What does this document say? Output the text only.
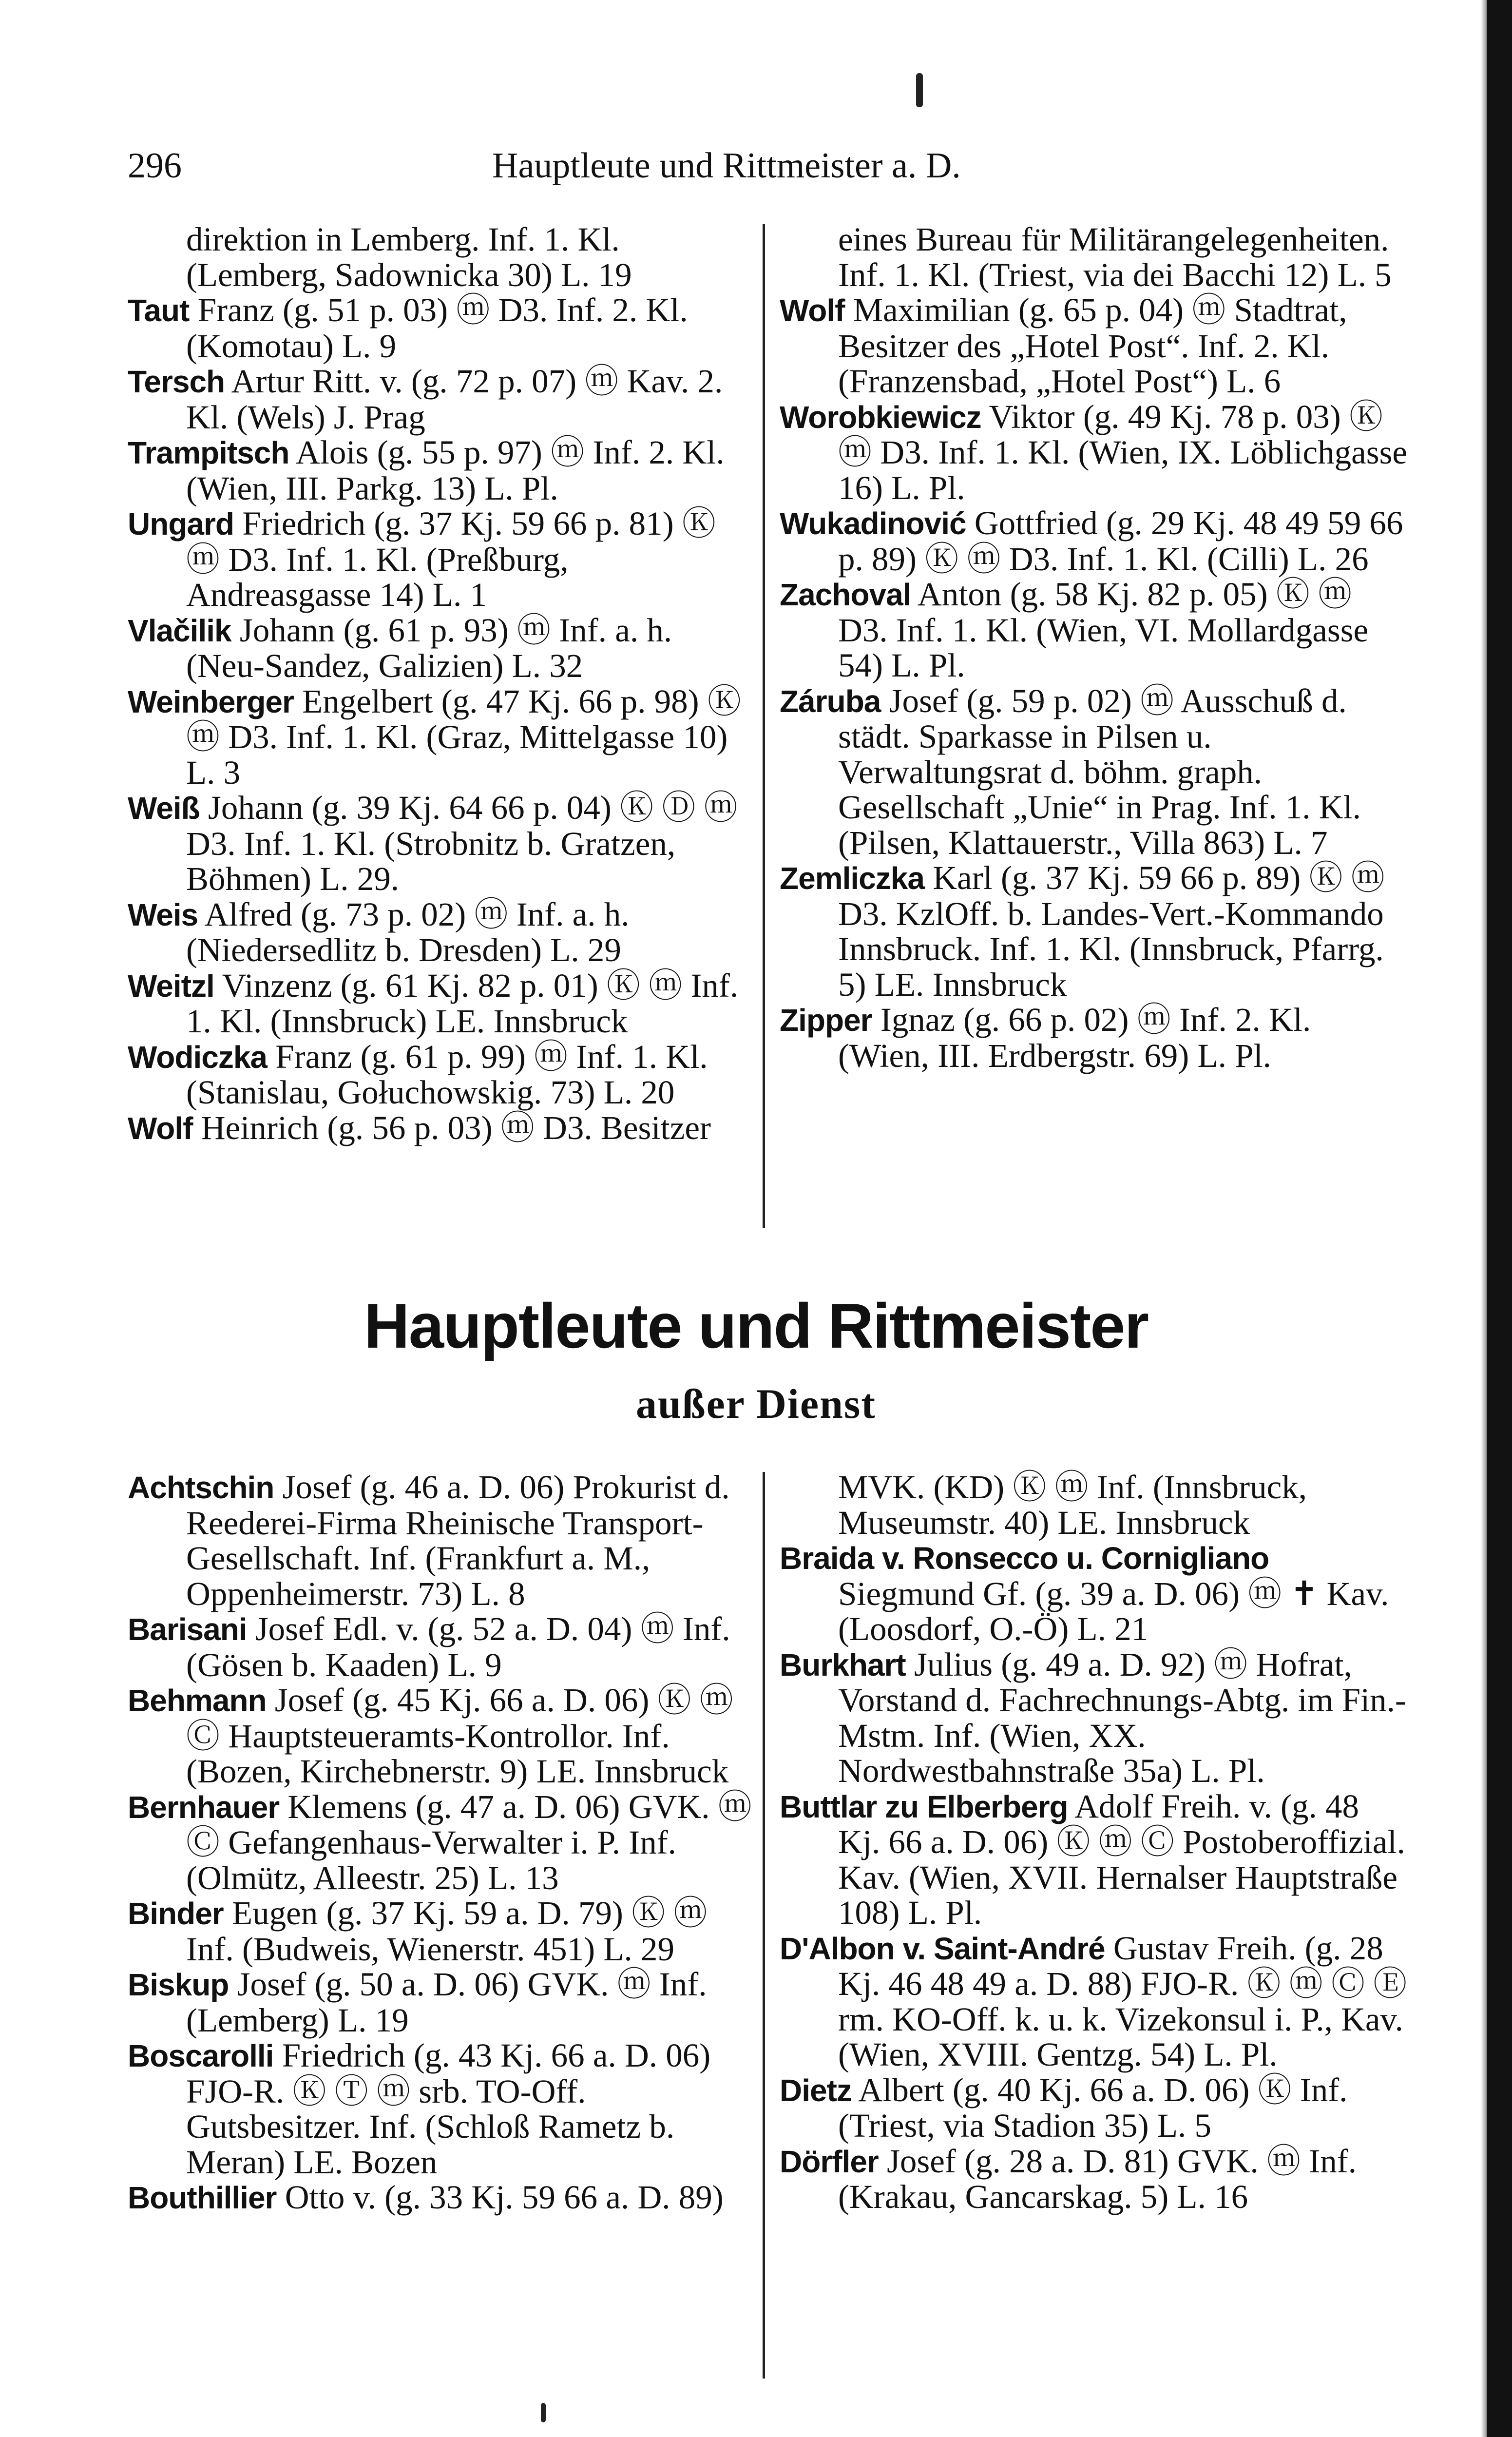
296	Hauptleute und Rittmeister a. D.

direktion in Lemberg. Inf. 1. Kl. (Lemberg, Sadownicka 30) L. 19

Taut Franz (g. 51 p. 03) ⓜ D3. Inf. 2. Kl. (Komotau) L. 9

Tersch Artur Ritt. v. (g. 72 p. 07) ⓜ Kav. 2. Kl. (Wels) J. Prag

Trampitsch Alois (g. 55 p. 97) ⓜ Inf. 2. Kl. (Wien, III. Parkg. 13) L. Pl.

Ungard Friedrich (g. 37 Kj. 59 66 p. 81) Ⓚ ⓜ D3. Inf. 1. Kl. (Preßburg, Andreasgasse 14) L. 1

Vlačilik Johann (g. 61 p. 93) ⓜ Inf. a. h. (Neu-Sandez, Galizien) L. 32

Weinberger Engelbert (g. 47 Kj. 66 p. 98) Ⓚ ⓜ D3. Inf. 1. Kl. (Graz, Mittelgasse 10) L. 3

Weiß Johann (g. 39 Kj. 64 66 p. 04) Ⓚ Ⓓ ⓜ D3. Inf. 1. Kl. (Strobnitz b. Gratzen, Böhmen) L. 29.

Weis Alfred (g. 73 p. 02) ⓜ Inf. a. h. (Niedersedlitz b. Dresden) L. 29

Weitzl Vinzenz (g. 61 Kj. 82 p. 01) Ⓚ ⓜ Inf. 1. Kl. (Innsbruck) LE. Innsbruck

Wodiczka Franz (g. 61 p. 99) ⓜ Inf. 1. Kl. (Stanislau, Gołuchowskig. 73) L. 20

Wolf Heinrich (g. 56 p. 03) ⓜ D3. Besitzer

eines Bureau für Militärangelegenheiten. Inf. 1. Kl. (Triest, via dei Bacchi 12) L. 5

Wolf Maximilian (g. 65 p. 04) ⓜ Stadtrat, Besitzer des „Hotel Post“. Inf. 2. Kl. (Franzensbad, „Hotel Post“) L. 6

Worobkiewicz Viktor (g. 49 Kj. 78 p. 03) Ⓚ ⓜ D3. Inf. 1. Kl. (Wien, IX. Löblichgasse 16) L. Pl.

Wukadinović Gottfried (g. 29 Kj. 48 49 59 66 p. 89) Ⓚ ⓜ D3. Inf. 1. Kl. (Cilli) L. 26

Zachoval Anton (g. 58 Kj. 82 p. 05) Ⓚ ⓜ D3. Inf. 1. Kl. (Wien, VI. Mollardgasse 54) L. Pl.

Záruba Josef (g. 59 p. 02) ⓜ Ausschuß d. städt. Sparkasse in Pilsen u. Verwaltungsrat d. böhm. graph. Gesellschaft „Unie“ in Prag. Inf. 1. Kl. (Pilsen, Klattauerstr., Villa 863) L. 7

Zemliczka Karl (g. 37 Kj. 59 66 p. 89) Ⓚ ⓜ D3. KzlOff. b. Landes-Vert.-Kommando Innsbruck. Inf. 1. Kl. (Innsbruck, Pfarrg. 5) LE. Innsbruck

Zipper Ignaz (g. 66 p. 02) ⓜ Inf. 2. Kl. (Wien, III. Erdbergstr. 69) L. Pl.

Hauptleute und Rittmeister
außer Dienst

Achtschin Josef (g. 46 a. D. 06) Prokurist d. Reederei-Firma Rheinische Transport-Gesellschaft. Inf. (Frankfurt a. M., Oppenheimerstr. 73) L. 8

Barisani Josef Edl. v. (g. 52 a. D. 04) ⓜ Inf. (Gösen b. Kaaden) L. 9

Behmann Josef (g. 45 Kj. 66 a. D. 06) Ⓚ ⓜ Ⓒ Hauptsteueramts-Kontrollor. Inf. (Bozen, Kirchebnerstr. 9) LE. Innsbruck

Bernhauer Klemens (g. 47 a. D. 06) GVK. ⓜ Ⓒ Gefangenhaus-Verwalter i. P. Inf. (Olmütz, Alleestr. 25) L. 13

Binder Eugen (g. 37 Kj. 59 a. D. 79) Ⓚ ⓜ Inf. (Budweis, Wienerstr. 451) L. 29

Biskup Josef (g. 50 a. D. 06) GVK. ⓜ Inf. (Lemberg) L. 19

Boscarolli Friedrich (g. 43 Kj. 66 a. D. 06) FJO-R. Ⓚ Ⓣ ⓜ srb. TO-Off. Gutsbesitzer. Inf. (Schloß Rametz b. Meran) LE. Bozen

Bouthillier Otto v. (g. 33 Kj. 59 66 a. D. 89)

MVK. (KD) Ⓚ ⓜ Inf. (Innsbruck, Museumstr. 40) LE. Innsbruck

Braida v. Ronsecco u. Cornigliano Siegmund Gf. (g. 39 a. D. 06) ⓜ ✝ Kav. (Loosdorf, O.-Ö) L. 21

Burkhart Julius (g. 49 a. D. 92) ⓜ Hofrat, Vorstand d. Fachrechnungs-Abtg. im Fin.-Mstm. Inf. (Wien, XX. Nordwestbahnstraße 35a) L. Pl.

Buttlar zu Elberberg Adolf Freih. v. (g. 48 Kj. 66 a. D. 06) Ⓚ ⓜ Ⓒ Postoberoffizial. Kav. (Wien, XVII. Hernalser Hauptstraße 108) L. Pl.

D'Albon v. Saint-André Gustav Freih. (g. 28 Kj. 46 48 49 a. D. 88) FJO-R. Ⓚ ⓜ Ⓒ Ⓔ rm. KO-Off. k. u. k. Vizekonsul i. P., Kav. (Wien, XVIII. Gentzg. 54) L. Pl.

Dietz Albert (g. 40 Kj. 66 a. D. 06) Ⓚ Inf. (Triest, via Stadion 35) L. 5

Dörfler Josef (g. 28 a. D. 81) GVK. ⓜ Inf. (Krakau, Gancarskag. 5) L. 16
